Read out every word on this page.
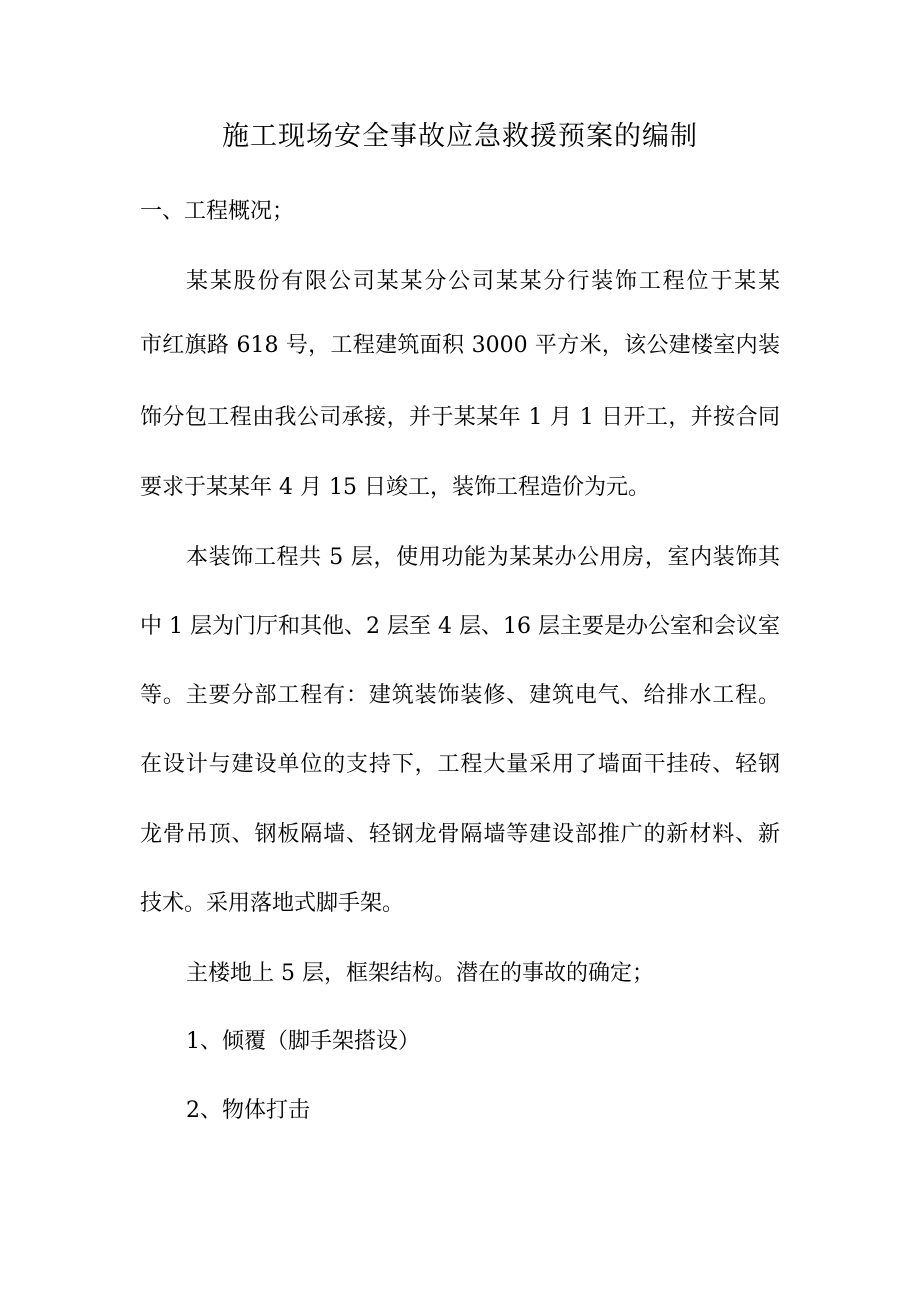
施工现场安全事故应急救援预案的编制

一、工程概况；

某某股份有限公司某某分公司某某分行装饰工程位于某某

市红旗路 618 号，工程建筑面积 3000 平方米，该公建楼室内装

饰分包工程由我公司承接，并于某某年 1 月 1 日开工，并按合同

要求于某某年 4 月 15 日竣工，装饰工程造价为元。

本装饰工程共 5 层，使用功能为某某办公用房，室内装饰其

中 1 层为门厅和其他、2 层至 4 层、16 层主要是办公室和会议室

等。主要分部工程有：建筑装饰装修、建筑电气、给排水工程。

在设计与建设单位的支持下，工程大量采用了墙面干挂砖、轻钢

龙骨吊顶、钢板隔墙、轻钢龙骨隔墙等建设部推广的新材料、新

技术。采用落地式脚手架。

主楼地上 5 层，框架结构。潜在的事故的确定；

1、倾覆（脚手架搭设）

2、物体打击
